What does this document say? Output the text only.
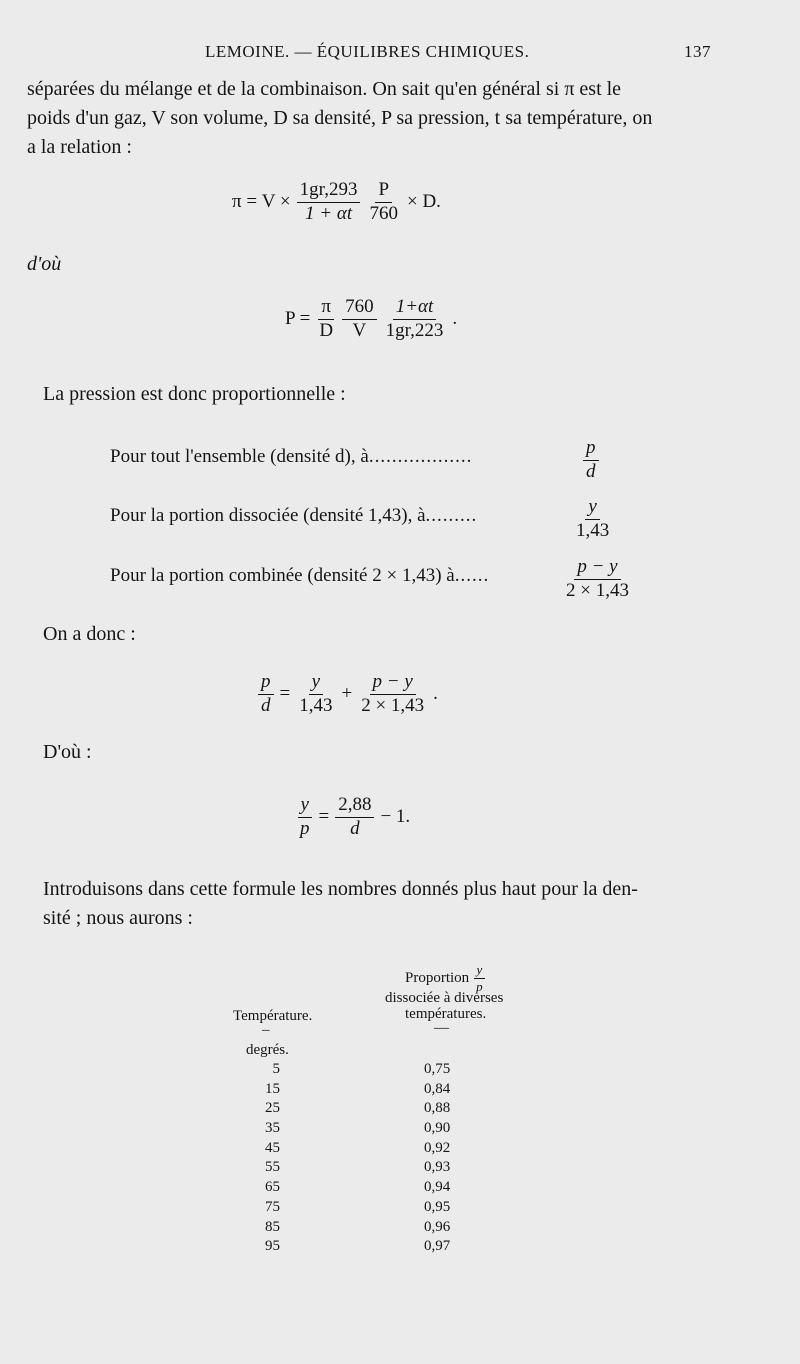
LEMOINE. — ÉQUILIBRES CHIMIQUES.	137
séparées du mélange et de la combinaison. On sait qu'en général si π est le
poids d'un gaz, V son volume, D sa densité, P sa pression, t sa température, on
a la relation :
$\pi = V \times \frac{1gr,293}{1 + \alpha t} \frac{P}{760} \times D$.
d'où
$P = \frac{\pi}{D} \frac{760}{V} \frac{1+\alpha t}{1gr,223}$ .
La pression est donc proportionnelle :
Pour tout l'ensemble (densité d), à ..................	$\frac{p}{d}$
Pour la portion dissociée (densité 1,43), à .........	$\frac{y}{1,43}$
Pour la portion combinée (densité 2 × 1,43) à ......	$\frac{p - y}{2 \times 1,43}$
On a donc :
$\frac{p}{d} = \frac{y}{1,43} + \frac{p - y}{2 \times 1,43}$ .
D'où :
$\frac{y}{p} = \frac{2,88}{d} - 1$.
Introduisons dans cette formule les nombres donnés plus haut pour la den-
sité ; nous aurons :
Proportion $\frac{y}{p}$
dissociée à diverses
températures.
Température.
–	—
degrés.
5	0,75
15	0,84
25	0,88
35	0,90
45	0,92
55	0,93
65	0,94
75	0,95
85	0,96
95	0,97
